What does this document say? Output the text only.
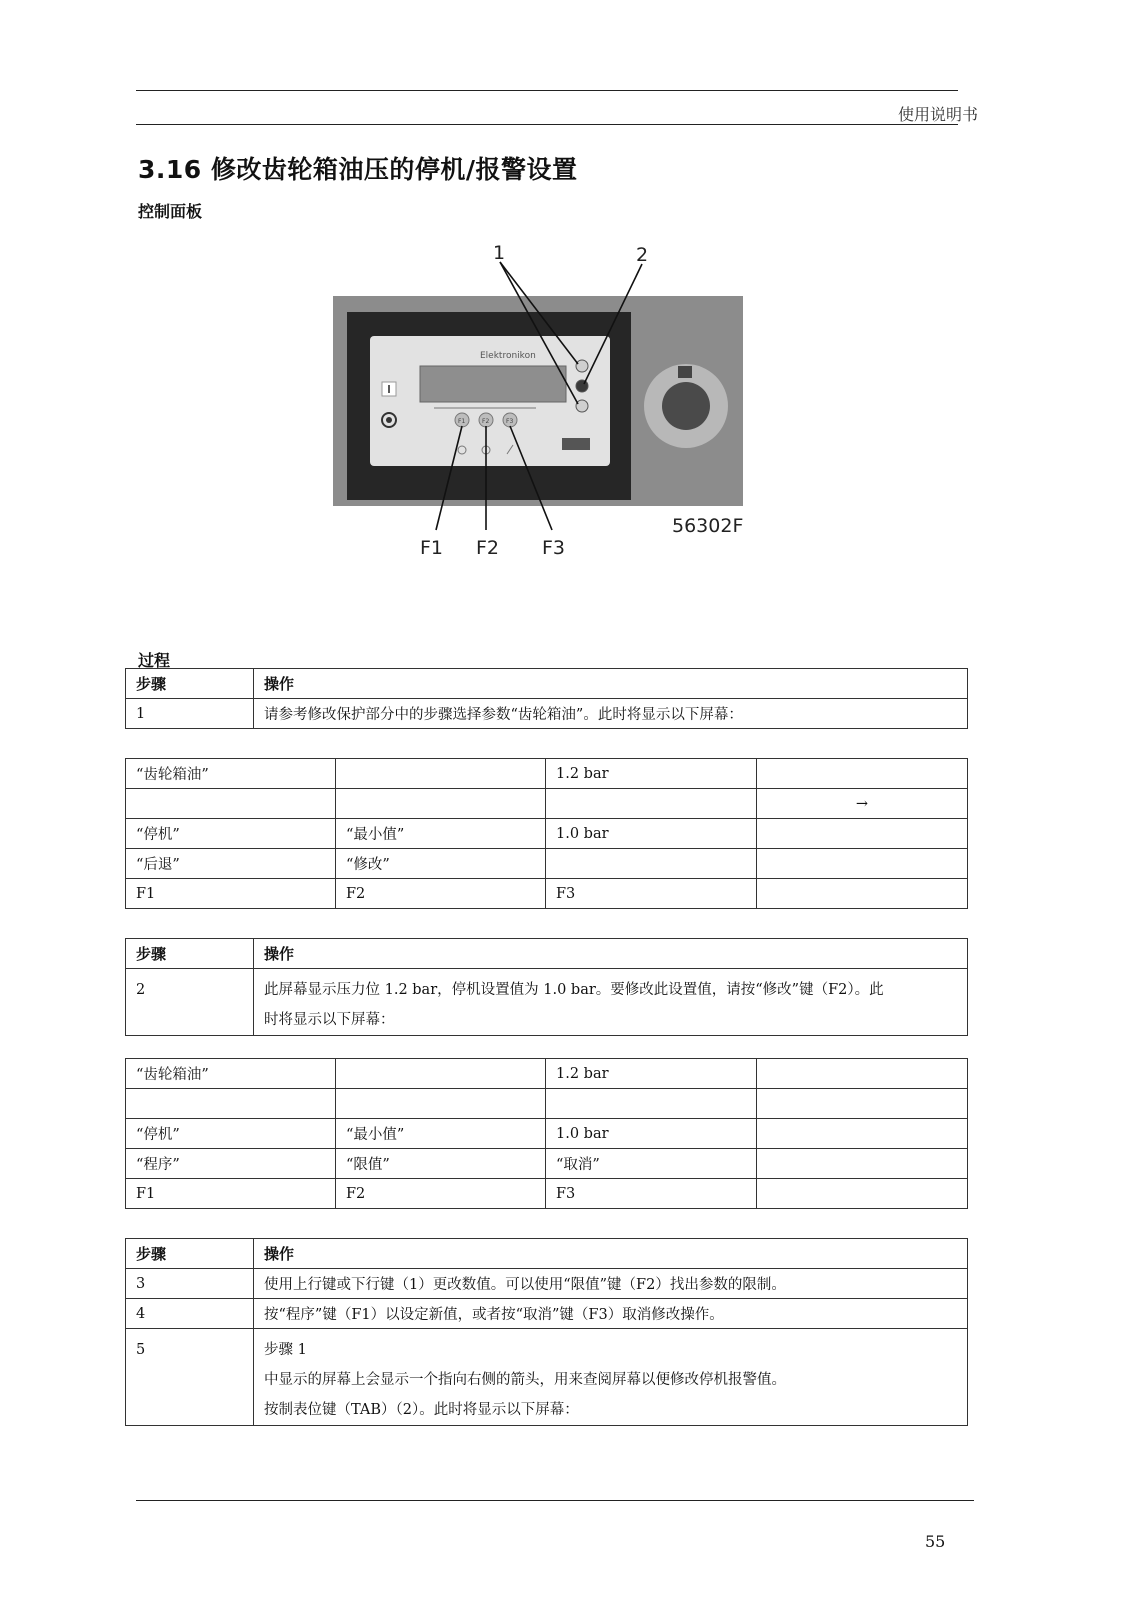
使用说明书
3.16 修改齿轮箱油压的停机/报警设置
控制面板
Elektronikon
F1	F2	F3
1	2
F1 F2 F3
56302F
过程
步骤	操作
1	请参考修改保护部分中的步骤选择参数“齿轮箱油”。此时将显示以下屏幕：
“齿轮箱油”		1.2 bar	
			→
“停机”	“最小值”	1.0 bar	
“后退”	“修改”		
F1	F2	F3	
步骤	操作
2	此屏幕显示压力位 1.2 bar，停机设置值为 1.0 bar。要修改此设置值，请按“修改”键（F2）。此
时将显示以下屏幕：
“齿轮箱油”		1.2 bar	

“停机”	“最小值”	1.0 bar	
“程序”	“限值”	“取消”	
F1	F2	F3	
步骤	操作
3	使用上行键或下行键（1）更改数值。可以使用“限值”键（F2）找出参数的限制。
4	按“程序”键（F1）以设定新值，或者按“取消”键（F3）取消修改操作。
5	步骤 1
中显示的屏幕上会显示一个指向右侧的箭头，用来查阅屏幕以便修改停机报警值。
按制表位键（TAB）（2）。此时将显示以下屏幕：
55
